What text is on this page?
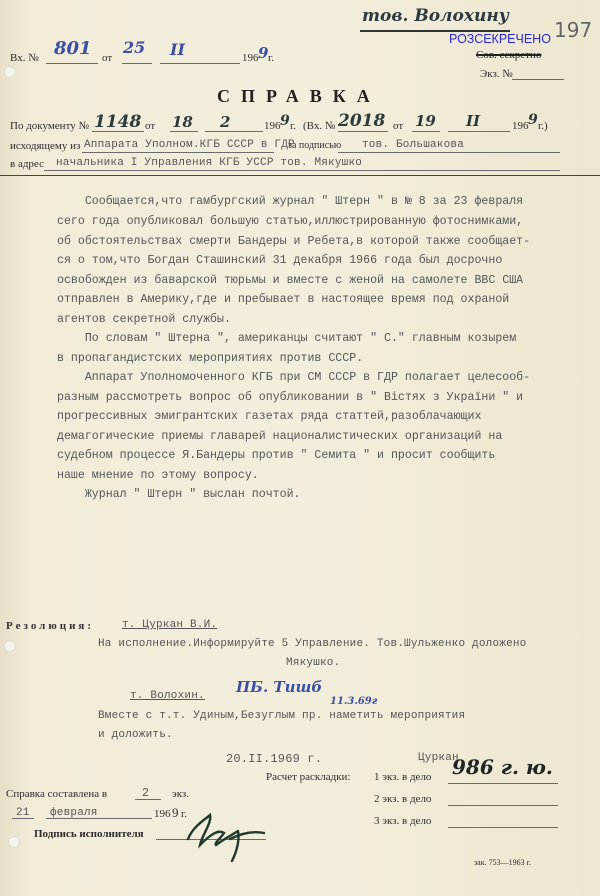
Вх. № 801 от
25 II	196 9 г.
тов. Волохину
197
РОЗСЕКРЕЧЕНО
Сов. секретно
Экз. №
СПРАВКА
По документу № 1148 от 18 2	196 9 г. (Вх. № 2018 от 19 II	196 9 г.)
исходящему из Аппарата Уполном.КГБ СССР в ГДР
за подписью тов. Большакова
в адрес начальника I Управления КГБ УССР тов. Мякушко
Сообщается,что гамбургский журнал " Штерн " в № 8 за 23 февраля
сего года опубликовал большую статью,иллюстрированную фотоснимками,
об обстоятельствах смерти Бандеры и Ребета,в которой также сообщает-
ся о том,что Богдан Сташинский 31 декабря 1966 года был досрочно
освобожден из баварской тюрьмы и вместе с женой на самолете ВВС США
отправлен в Америку,где и пребывает в настоящее время под охраной
агентов секретной службы.
По словам " Штерна ", американцы считают " С." главным козырем
в пропагандистских мероприятиях против СССР.
Аппарат Уполномоченного КГБ при СМ СССР в ГДР полагает целесооб-
разным рассмотреть вопрос об опубликовании в " Вістях з України " и
прогрессивных эмигрантских газетах ряда статтей,разоблачающих
демагогические приемы главарей националистических организаций на
судебном процессе Я.Бандеры против " Семита " и просит сообщить
наше мнение по этому вопросу.
Журнал " Штерн " выслан почтой.
Резолюция:	т. Цуркан В.И.
На исполнение.Информируйте 5 Управление. Тов.Шульженко доложено
Мякушко.
т. Волохин. ПБ. Тишб
11.3.69г
Вместе с т.т. Удиным,Безуглым пр. наметить мероприятия
и доложить.
20.II.1969 г.	Цуркан
Расчет раскладки: 1 экз. в дело 986 г. ю.
2 экз. в дело
3 экз. в дело
Справка составлена в	2 экз.
21 февраля	196 9 г.
Подпись исполнителя
зак. 753—1963 г.
